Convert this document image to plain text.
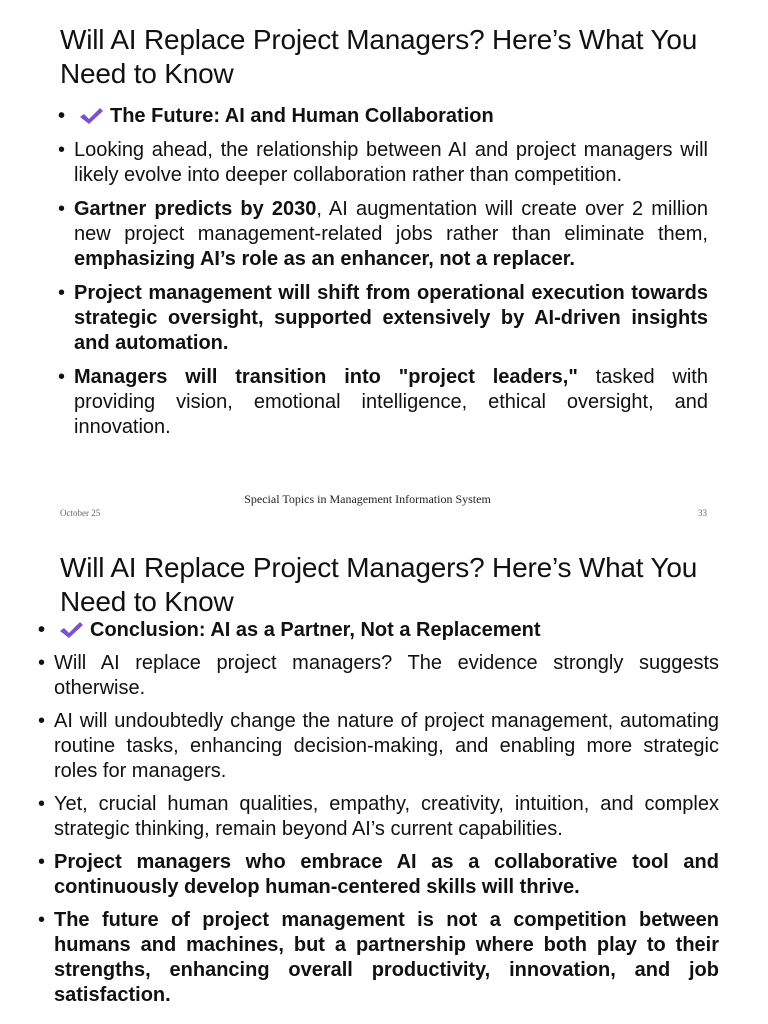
Will AI Replace Project Managers? Here’s What You Need to Know
• The Future: AI and Human Collaboration
• Looking ahead, the relationship between AI and project managers will likely evolve into deeper collaboration rather than competition.
• Gartner predicts by 2030, AI augmentation will create over 2 million new project management-related jobs rather than eliminate them, emphasizing AI’s role as an enhancer, not a replacer.
• Project management will shift from operational execution towards strategic oversight, supported extensively by AI-driven insights and automation.
• Managers will transition into "project leaders," tasked with providing vision, emotional intelligence, ethical oversight, and innovation.
Special Topics in Management Information System
October 25	33
Will AI Replace Project Managers? Here’s What You Need to Know
• Conclusion: AI as a Partner, Not a Replacement
• Will AI replace project managers? The evidence strongly suggests otherwise.
• AI will undoubtedly change the nature of project management, automating routine tasks, enhancing decision-making, and enabling more strategic roles for managers.
• Yet, crucial human qualities, empathy, creativity, intuition, and complex strategic thinking, remain beyond AI’s current capabilities.
• Project managers who embrace AI as a collaborative tool and continuously develop human-centered skills will thrive.
• The future of project management is not a competition between humans and machines, but a partnership where both play to their strengths, enhancing overall productivity, innovation, and job satisfaction.
